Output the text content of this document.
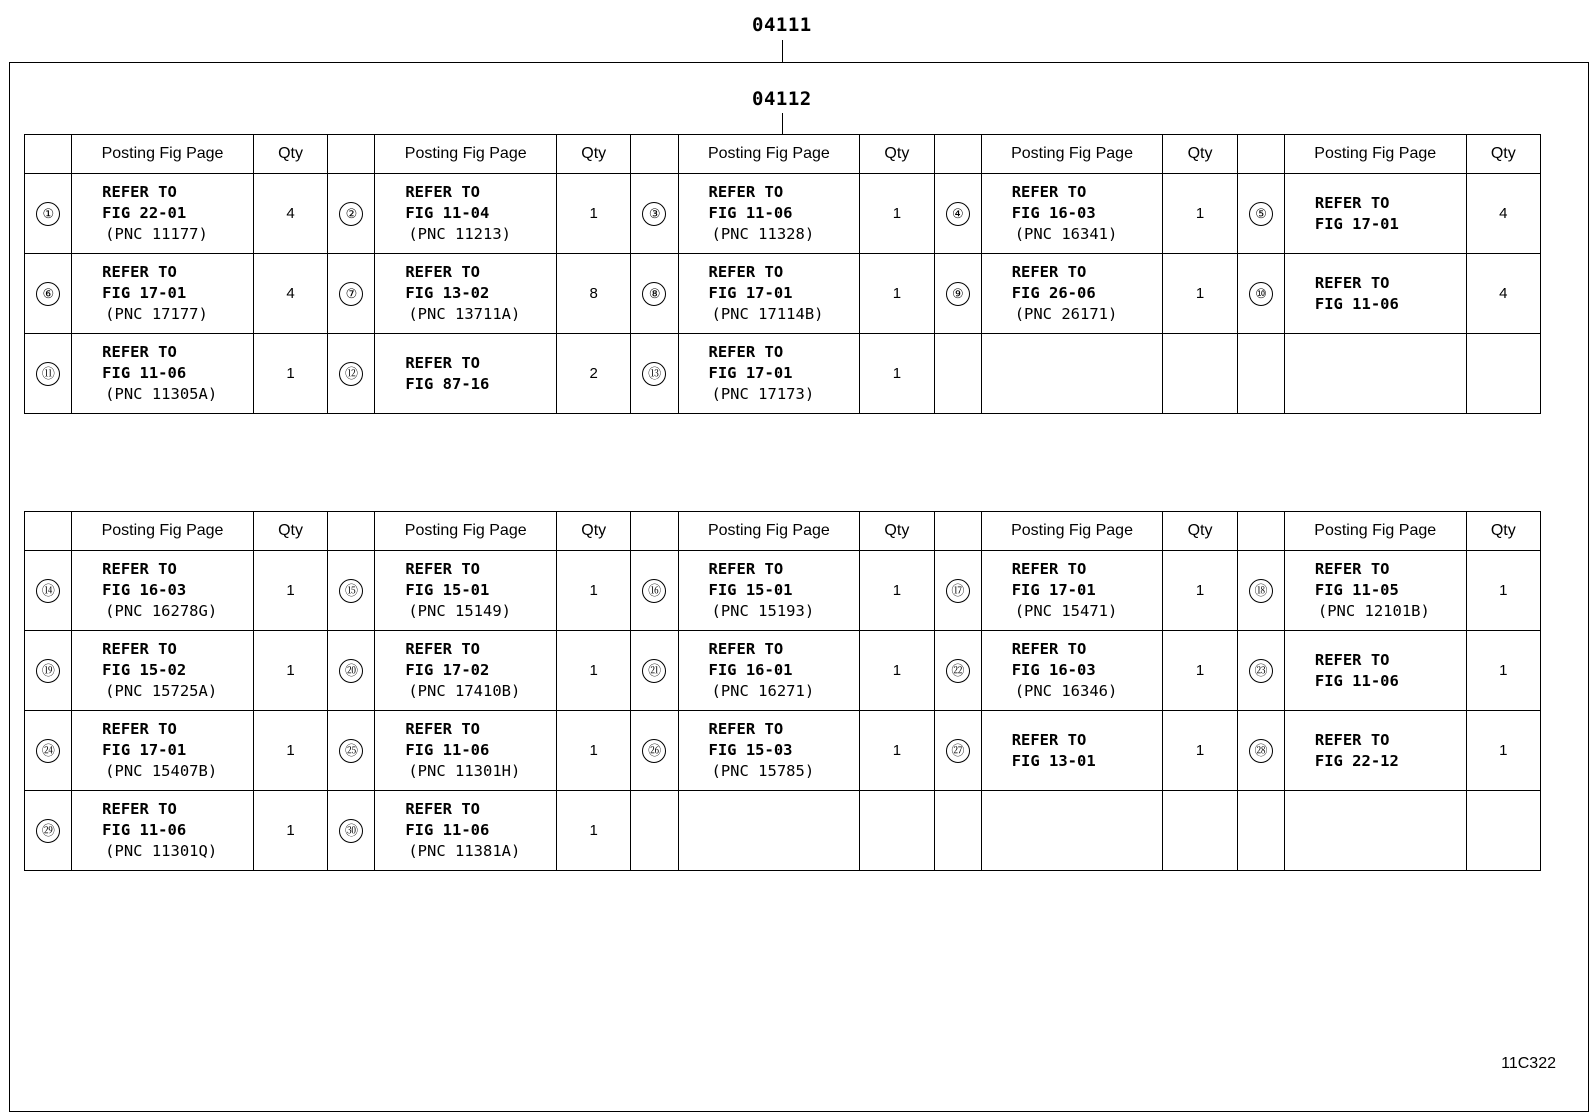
04111
04112
	Posting Fig Page	Qty		Posting Fig Page	Qty		Posting Fig Page	Qty		Posting Fig Page	Qty		Posting Fig Page	Qty
①	REFER TO
FIG 22-01
(PNC 11177)	4	②	REFER TO
FIG 11-04
(PNC 11213)	1	③	REFER TO
FIG 11-06
(PNC 11328)	1	④	REFER TO
FIG 16-03
(PNC 16341)	1	⑤	REFER TO
FIG 17-01	4
⑥	REFER TO
FIG 17-01
(PNC 17177)	4	⑦	REFER TO
FIG 13-02
(PNC 13711A)	8	⑧	REFER TO
FIG 17-01
(PNC 17114B)	1	⑨	REFER TO
FIG 26-06
(PNC 26171)	1	⑩	REFER TO
FIG 11-06	4
⑪	REFER TO
FIG 11-06
(PNC 11305A)	1	⑫	REFER TO
FIG 87-16	2	⑬	REFER TO
FIG 17-01
(PNC 17173)	1						
	Posting Fig Page	Qty		Posting Fig Page	Qty		Posting Fig Page	Qty		Posting Fig Page	Qty		Posting Fig Page	Qty
⑭	REFER TO
FIG 16-03
(PNC 16278G)	1	⑮	REFER TO
FIG 15-01
(PNC 15149)	1	⑯	REFER TO
FIG 15-01
(PNC 15193)	1	⑰	REFER TO
FIG 17-01
(PNC 15471)	1	⑱	REFER TO
FIG 11-05
(PNC 12101B)	1
⑲	REFER TO
FIG 15-02
(PNC 15725A)	1	⑳	REFER TO
FIG 17-02
(PNC 17410B)	1	㉑	REFER TO
FIG 16-01
(PNC 16271)	1	㉒	REFER TO
FIG 16-03
(PNC 16346)	1	㉓	REFER TO
FIG 11-06	1
㉔	REFER TO
FIG 17-01
(PNC 15407B)	1	㉕	REFER TO
FIG 11-06
(PNC 11301H)	1	㉖	REFER TO
FIG 15-03
(PNC 15785)	1	㉗	REFER TO
FIG 13-01	1	㉘	REFER TO
FIG 22-12	1
㉙	REFER TO
FIG 11-06
(PNC 11301Q)	1	㉚	REFER TO
FIG 11-06
(PNC 11381A)	1									
11C322
